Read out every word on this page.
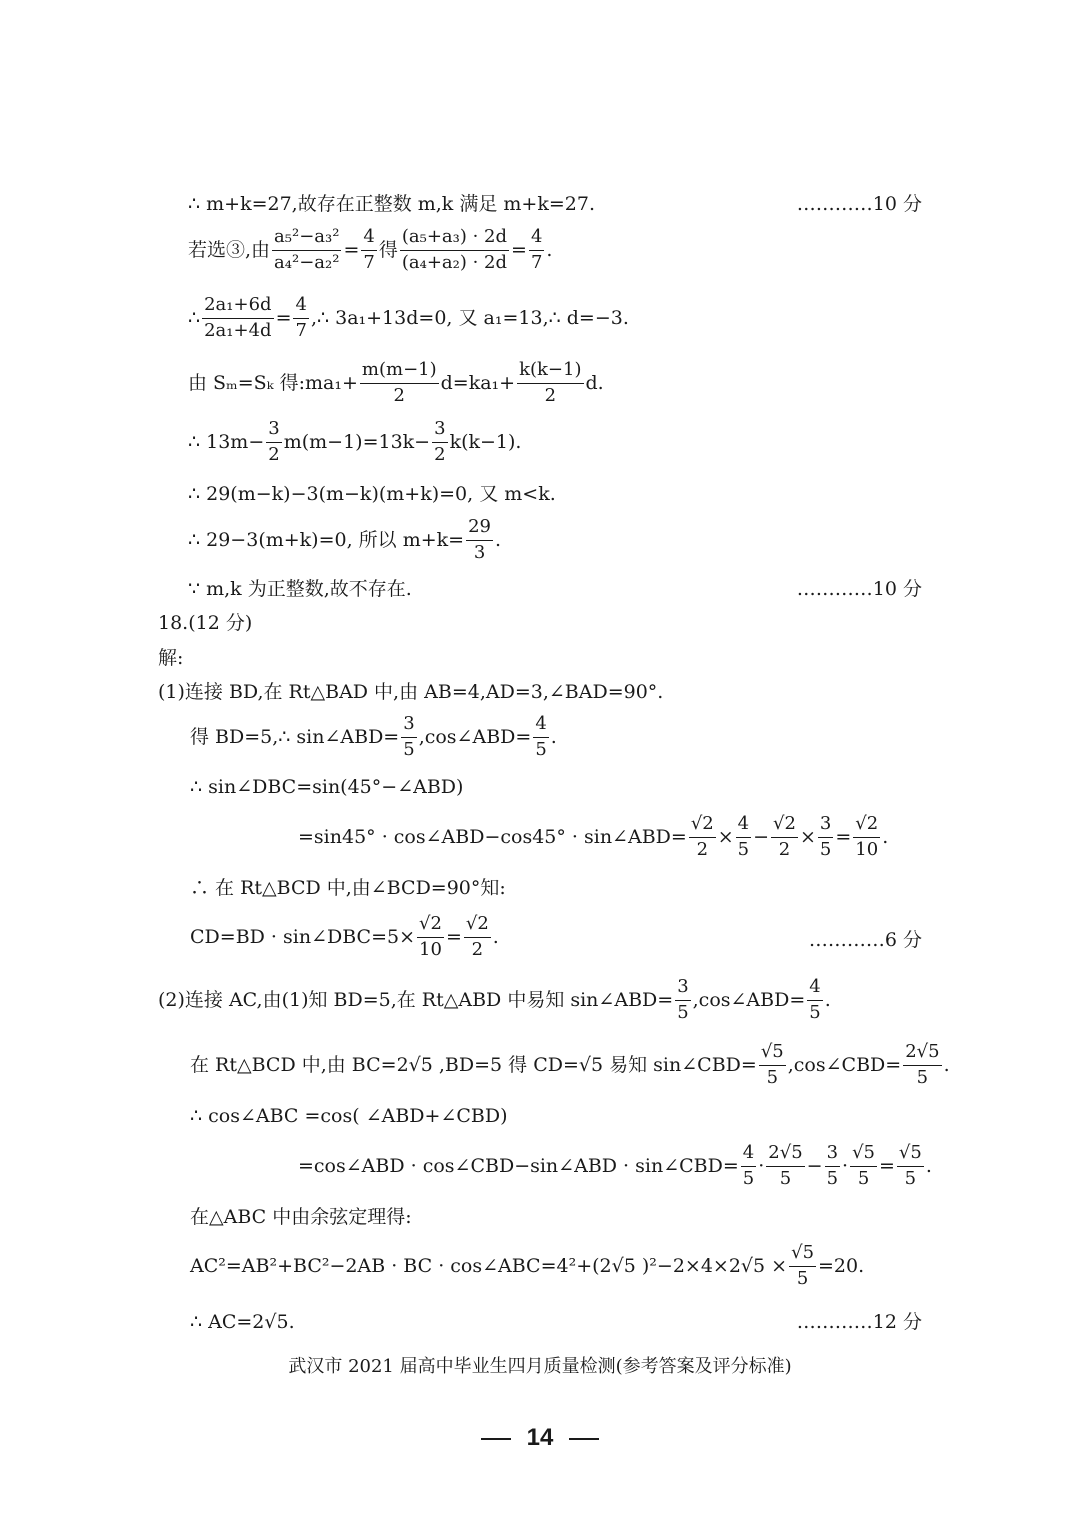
∴ m+k=27,故存在正整数 m,k 满足 m+k=27.	…………10 分
若选③,由 $\frac{\text{a₅²−a₃²}}{\text{a₄²−a₂²}} = \frac{4}{7}$ 得 $\frac{\text{(a₅+a₃) · 2d}}{\text{(a₄+a₂) · 2d}} = \frac{4}{7}$ .
∴ $\frac{\text{2a₁+6d}}{\text{2a₁+4d}} = \frac{4}{7}$ ,∴ 3a₁+13d=0, 又 a₁=13,∴ d=−3.
由 Sₘ=Sₖ 得:ma₁+ $\frac{m(m-1)}{2} d=ka_1+ \frac{k(k-1)}{2} d$.
∴ $13m- \frac{3}{2} m(m-1)=13k- \frac{3}{2} k(k-1)$.
∴ 29(m−k)−3(m−k)(m+k)=0, 又 m<k.
∴ 29−3(m+k)=0, 所以 $m+k= \frac{29}{3}$ .
∵ m,k 为正整数,故不存在.	…………10 分
18.(12 分)
解:
(1)连接 BD,在 Rt△BAD 中,由 AB=4,AD=3,∠BAD=90°.
得 BD=5,∴ sin∠ABD= $\frac{3}{5}$ ,cos∠ABD= $\frac{4}{5}$ .
∴ sin∠DBC=sin(45°−∠ABD)
=sin45° · cos∠ABD−cos45° · sin∠ABD= $\frac{√2}{2} \times \frac{4}{5} - \frac{√2}{2} \times \frac{3}{5} = \frac{√2}{10}$ .
∴ 在 Rt△BCD 中,由∠BCD=90°知:
CD=BD · sin∠DBC=5× $\frac{√2}{10} = \frac{√2}{2}$ .	…………6 分
(2)连接 AC,由(1)知 BD=5,在 Rt△ABD 中易知 sin∠ABD= $\frac{3}{5}$ ,cos∠ABD= $\frac{4}{5}$ .
在 Rt△BCD 中,由 BC=2√5 ,BD=5 得 CD=√5 易知 sin∠CBD= $\frac{√5}{5}$ ,cos∠CBD= $\frac{2√5}{5}$ .
∴ cos∠ABC =cos( ∠ABD+∠CBD)
=cos∠ABD · cos∠CBD−sin∠ABD · sin∠CBD= $\frac{4}{5} \cdot \frac{2√5}{5} - \frac{3}{5} \cdot \frac{√5}{5} = \frac{√5}{5}$ .
在△ABC 中由余弦定理得:
AC²=AB²+BC²−2AB · BC · cos∠ABC=4²+(2√5 )$^2-2\times 4\times 2√5 \times \frac{√5}{5} =20$.
∴ AC=2√5.	…………12 分
武汉市 2021 届高中毕业生四月质量检测(参考答案及评分标准)
14
